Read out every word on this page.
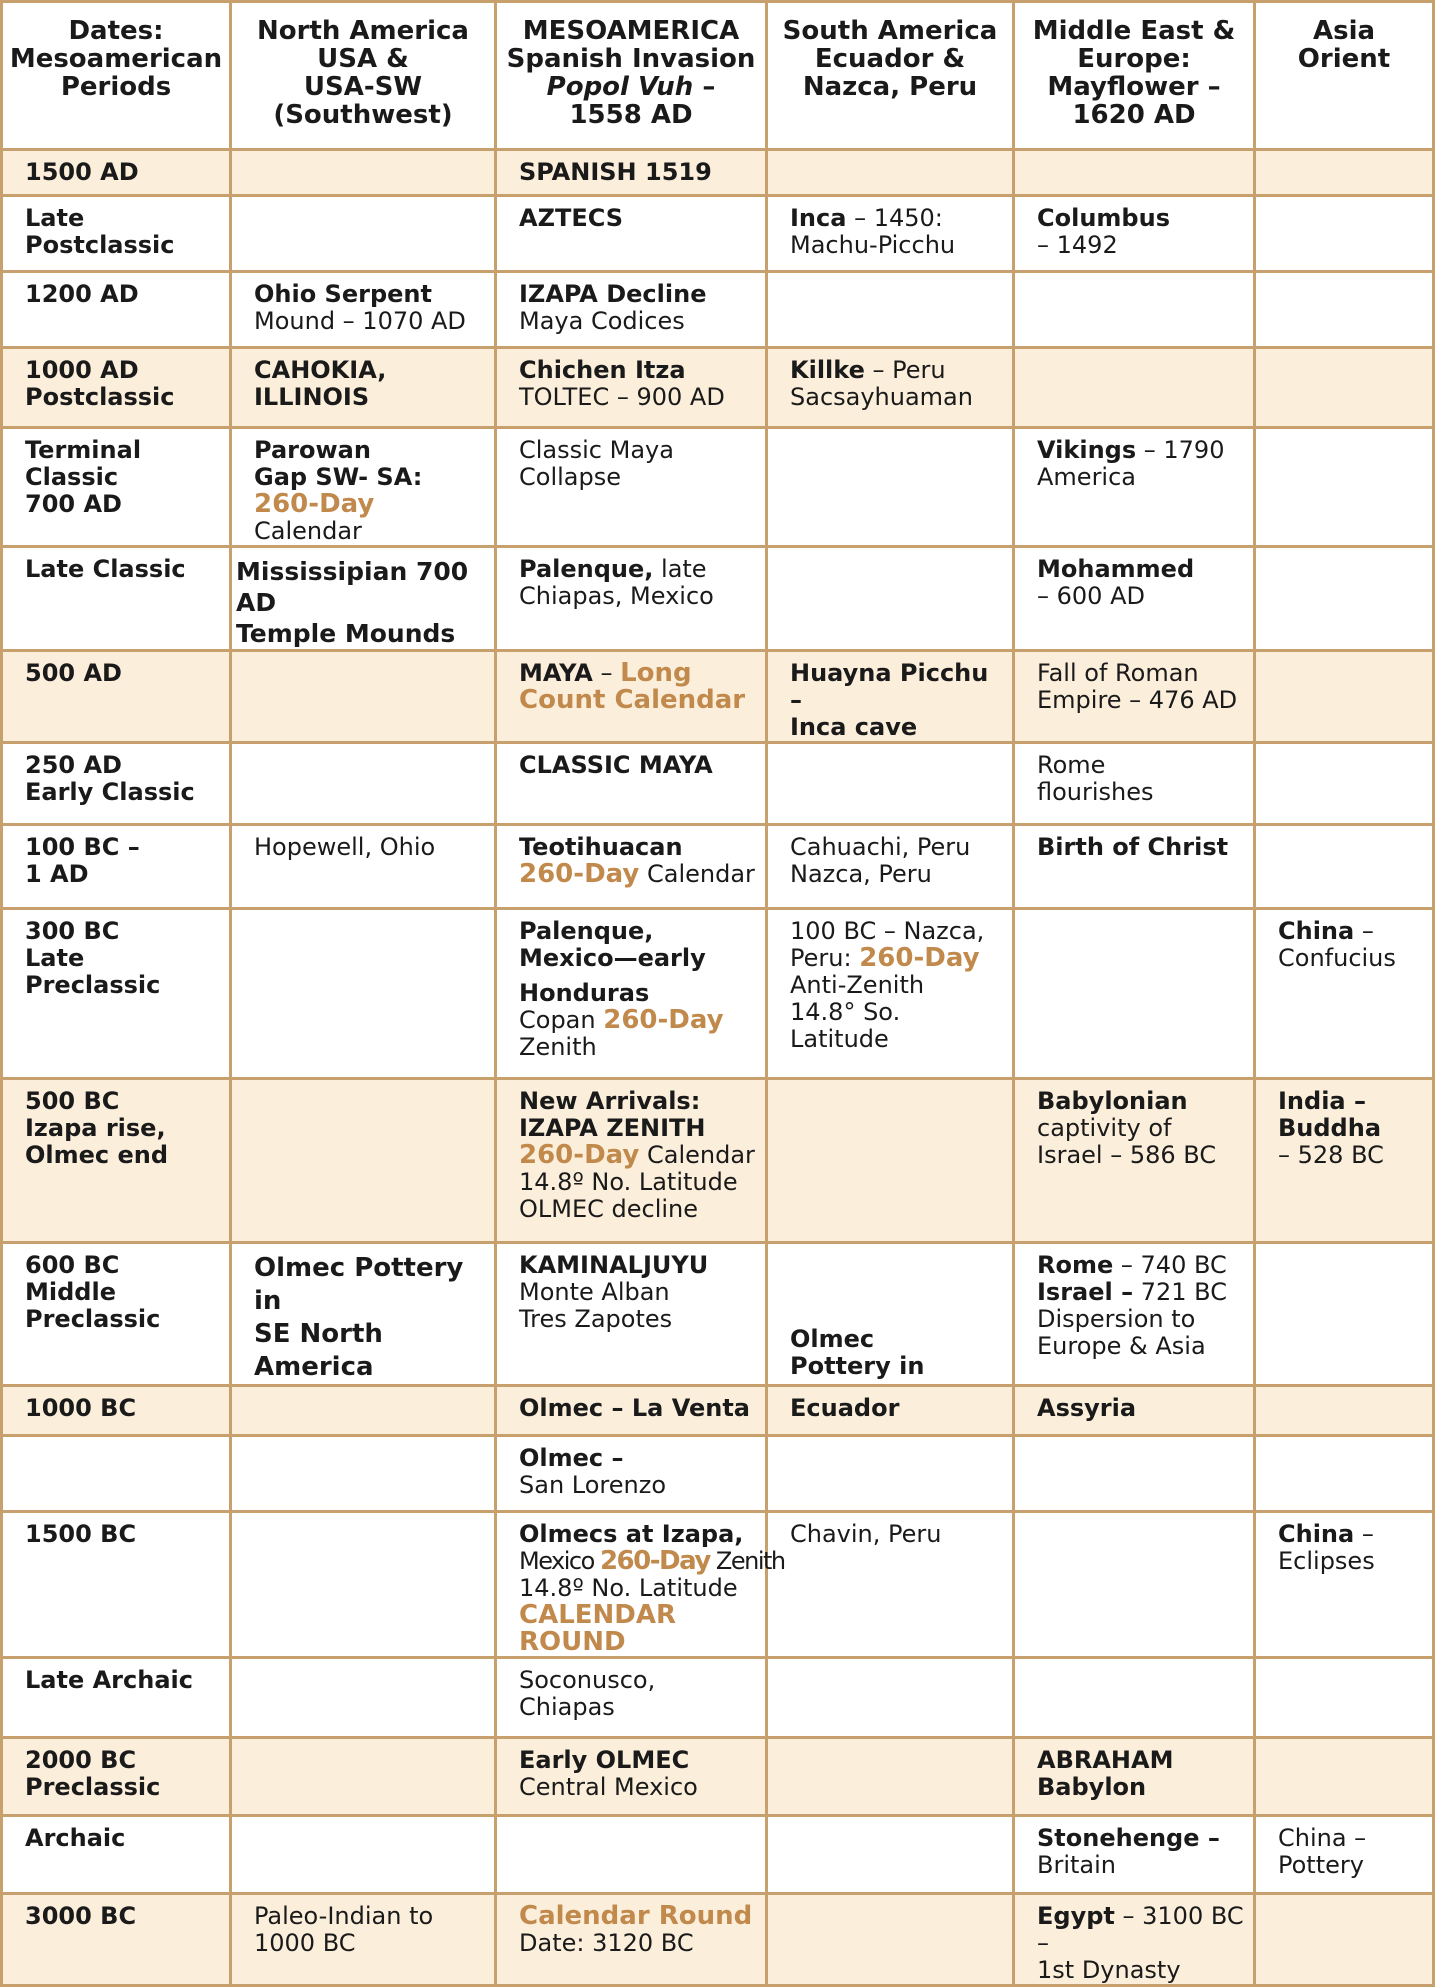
Dates:
Mesoamerican
Periods	North America
USA &
USA-SW
(Southwest)	MESOAMERICA
Spanish Invasion
Popol Vuh –
1558 AD	South America
Ecuador &
Nazca, Peru	Middle East &
Europe:
Mayflower –
1620 AD	Asia
Orient

1500 AD		SPANISH 1519			

Late
Postclassic		AZTECS	Inca – 1450:
Machu-Picchu	Columbus
– 1492	

1200 AD	Ohio Serpent
Mound – 1070 AD	IZAPA Decline
Maya Codices			

1000 AD
Postclassic	CAHOKIA,
ILLINOIS	Chichen Itza
TOLTEC – 900 AD	Killke – Peru
Sacsayhuaman		

Terminal
Classic
700 AD	Parowan
Gap SW- SA:
260-Day Calendar	Classic Maya
Collapse		Vikings – 1790
America	

Late Classic	Mississipian 700 AD
Temple Mounds	Palenque, late
Chiapas, Mexico		Mohammed
– 600 AD	

500 AD		MAYA – Long
Count Calendar	Huayna Picchu –
Inca cave	Fall of Roman
Empire – 476 AD	

250 AD
Early Classic		CLASSIC MAYA		Rome
flourishes	

100 BC –
1 AD	Hopewell, Ohio	Teotihuacan
260-Day Calendar	Cahuachi, Peru
Nazca, Peru	Birth of Christ	

300 BC
Late
Preclassic		Palenque,
Mexico—early
Honduras
Copan 260-Day
Zenith	100 BC – Nazca,
Peru: 260-Day
Anti-Zenith
14.8° So. Latitude		China –
Confucius

500 BC
Izapa rise,
Olmec end		New Arrivals:
IZAPA ZENITH
260-Day Calendar
14.8º No. Latitude
OLMEC decline		Babylonian
captivity of
Israel – 586 BC	India –
Buddha
– 528 BC

600 BC
Middle
Preclassic	Olmec Pottery in
SE North
America	KAMINALJUYU
Monte Alban
Tres Zapotes	Olmec
Pottery in	Rome – 740 BC
Israel – 721 BC
Dispersion to
Europe & Asia	

1000 BC		Olmec – La Venta	Ecuador	Assyria	

		Olmec –
San Lorenzo			

1500 BC		Olmecs at Izapa,
Mexico 260-Day Zenith
14.8º No. Latitude
CALENDAR ROUND	Chavin, Peru		China –
Eclipses

Late Archaic		Soconusco,
Chiapas			

2000 BC
Preclassic		Early OLMEC
Central Mexico		ABRAHAM
Babylon	

Archaic				Stonehenge –
Britain	China –
Pottery

3000 BC	Paleo-Indian to
1000 BC	Calendar Round
Date: 3120 BC		Egypt – 3100 BC –
1st Dynasty	
